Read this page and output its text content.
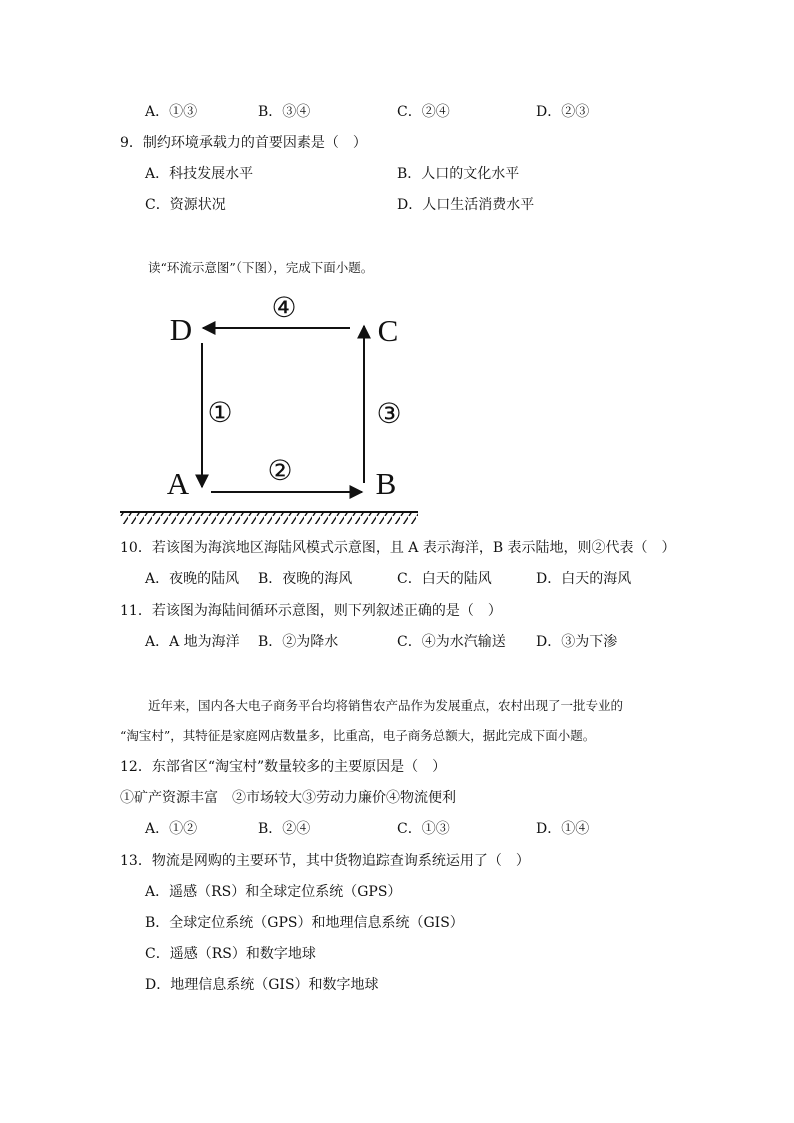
A．①③	B．③④	C．②④	D．②③
9．制约环境承载力的首要因素是（　）
A．科技发展水平	B．人口的文化水平
C．资源状况	D．人口生活消费水平
读“环流示意图”（下图），完成下面小题。
D	C
A	B
④
①	③
②
10．若该图为海滨地区海陆风模式示意图，且 A 表示海洋，B 表示陆地，则②代表（　）
A．夜晚的陆风 B．夜晚的海风	C．白天的陆风	D．白天的海风
11．若该图为海陆间循环示意图，则下列叙述正确的是（　）
A．A 地为海洋 B．②为降水	C．④为水汽输送 D．③为下渗
近年来，国内各大电子商务平台均将销售农产品作为发展重点，农村出现了一批专业的
“淘宝村”，其特征是家庭网店数量多，比重高，电子商务总额大，据此完成下面小题。
12．东部省区“淘宝村”数量较多的主要原因是（　）
①矿产资源丰富　②市场较大③劳动力廉价④物流便利
A．①②	B．②④	C．①③	D．①④
13．物流是网购的主要环节，其中货物追踪查询系统运用了（　）
A．遥感（RS）和全球定位系统（GPS）
B．全球定位系统（GPS）和地理信息系统（GIS）
C．遥感（RS）和数字地球
D．地理信息系统（GIS）和数字地球
